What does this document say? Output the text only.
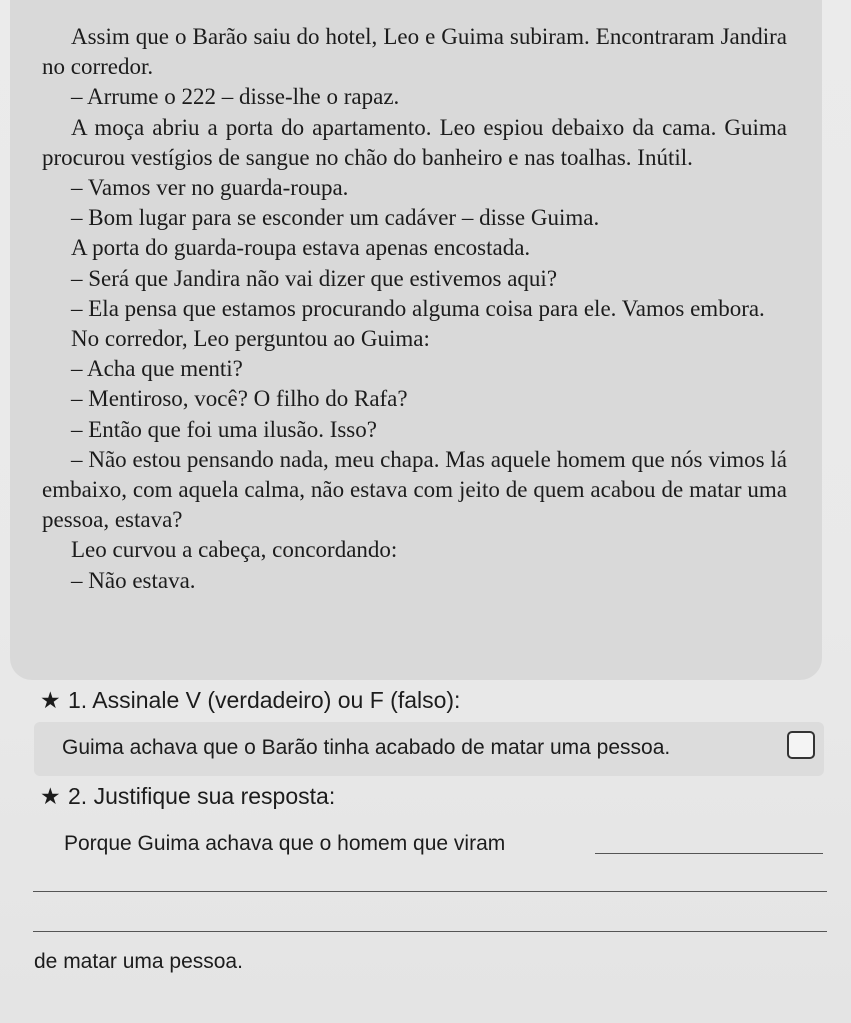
Assim que o Barão saiu do hotel, Leo e Guima subiram. Encontraram Jandira no corredor.

– Arrume o 222 – disse-lhe o rapaz.

A moça abriu a porta do apartamento. Leo espiou debaixo da cama. Guima procurou vestígios de sangue no chão do banheiro e nas toalhas. Inútil.

– Vamos ver no guarda-roupa.

– Bom lugar para se esconder um cadáver – disse Guima.

A porta do guarda-roupa estava apenas encostada.

– Será que Jandira não vai dizer que estivemos aqui?

– Ela pensa que estamos procurando alguma coisa para ele. Vamos embora.

No corredor, Leo perguntou ao Guima:

– Acha que menti?

– Mentiroso, você? O filho do Rafa?

– Então que foi uma ilusão. Isso?

– Não estou pensando nada, meu chapa. Mas aquele homem que nós vimos lá embaixo, com aquela calma, não estava com jeito de quem acabou de matar uma pessoa, estava?

Leo curvou a cabeça, concordando:

– Não estava.

★ 1. Assinale V (verdadeiro) ou F (falso):
Guima achava que o Barão tinha acabado de matar uma pessoa.
★ 2. Justifique sua resposta:
Porque Guima achava que o homem que viram
de matar uma pessoa.
